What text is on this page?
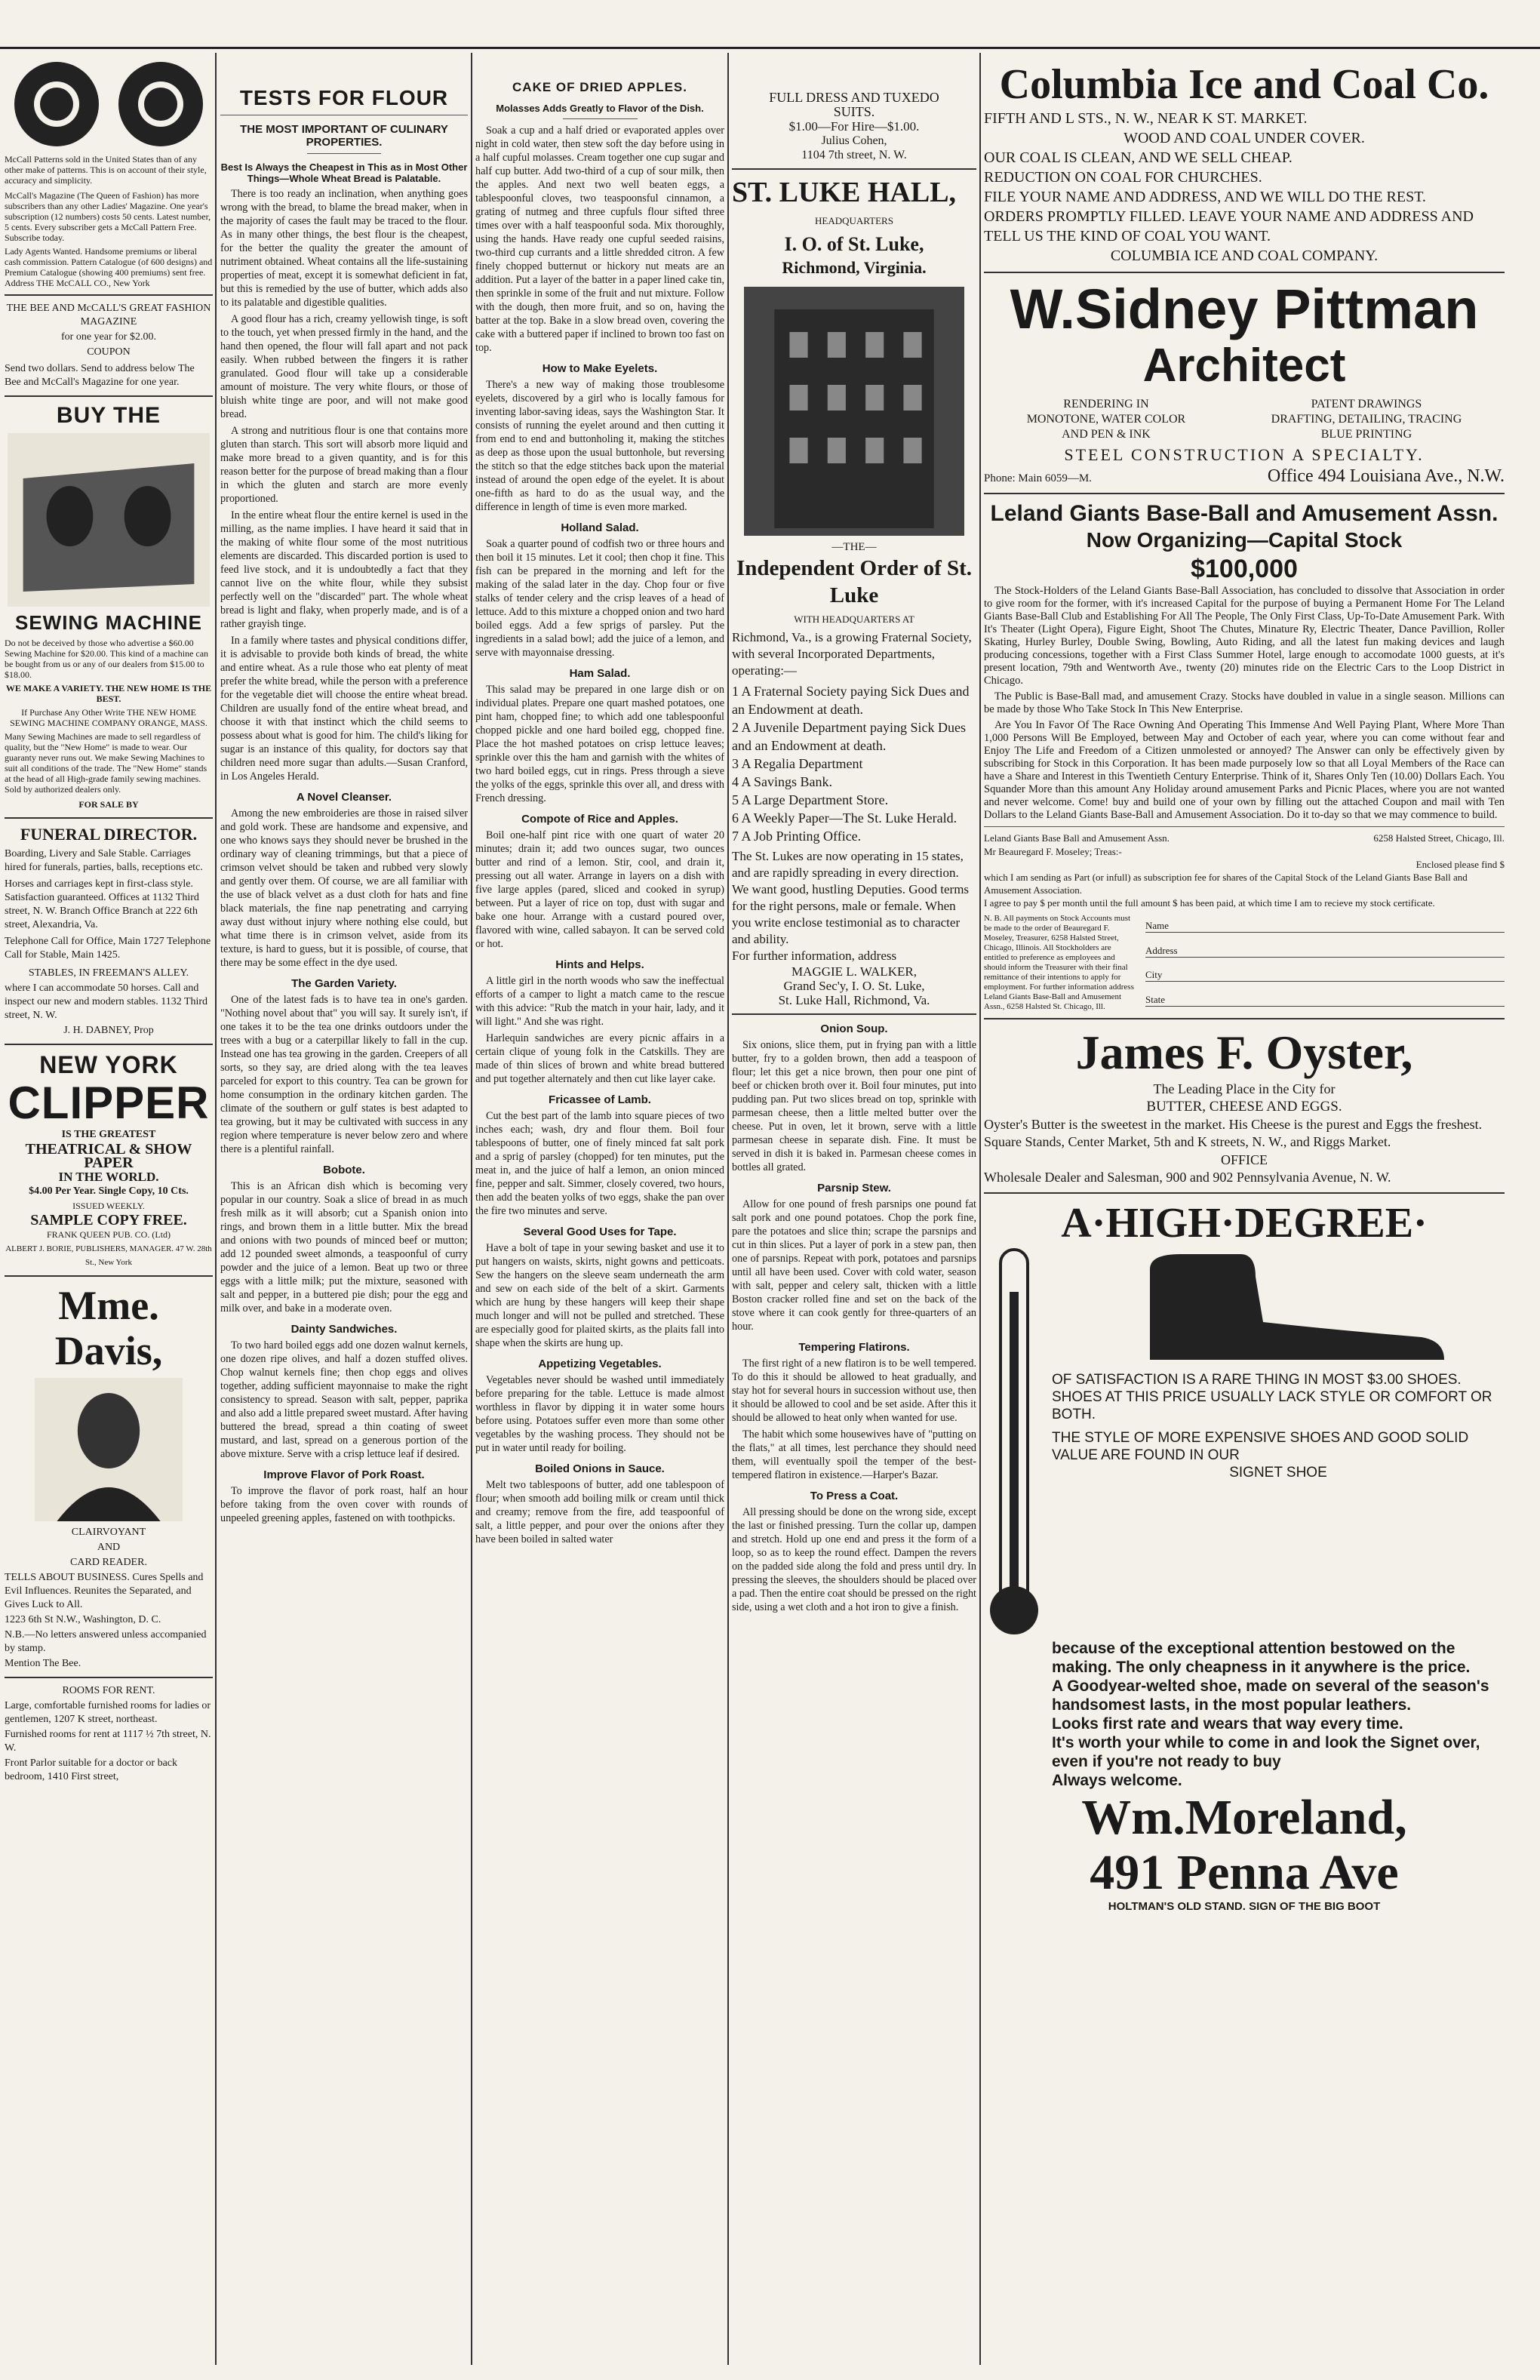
McCall Patterns sold in the United States than of any other make of patterns. This is on account of their style, accuracy and simplicity.

McCall's Magazine (The Queen of Fashion) has more subscribers than any other Ladies' Magazine. One year's subscription (12 numbers) costs 50 cents. Latest number, 5 cents. Every subscriber gets a McCall Pattern Free. Subscribe today.

Lady Agents Wanted. Handsome premiums or liberal cash commission. Pattern Catalogue (of 600 designs) and Premium Catalogue (showing 400 premiums) sent free. Address THE McCALL CO., New York

THE BEE AND McCALL'S GREAT FASHION MAGAZINE

for one year for $2.00.

COUPON

Send two dollars. Send to address below The Bee and McCall's Magazine for one year.

BUY THE
SEWING MACHINE

Do not be deceived by those who advertise a $60.00 Sewing Machine for $20.00. This kind of a machine can be bought from us or any of our dealers from $15.00 to $18.00.

WE MAKE A VARIETY. THE NEW HOME IS THE BEST.

If Purchase Any Other Write THE NEW HOME SEWING MACHINE COMPANY ORANGE, MASS.

Many Sewing Machines are made to sell regardless of quality, but the "New Home" is made to wear. Our guaranty never runs out. We make Sewing Machines to suit all conditions of the trade. The "New Home" stands at the head of all High-grade family sewing machines. Sold by authorized dealers only.

FOR SALE BY

FUNERAL DIRECTOR.

Boarding, Livery and Sale Stable. Carriages hired for funerals, parties, balls, receptions etc.

Horses and carriages kept in first-class style. Satisfaction guaranteed. Offices at 1132 Third street, N. W. Branch Office Branch at 222 6th street, Alexandria, Va.

Telephone Call for Office, Main 1727 Telephone Call for Stable, Main 1425.

STABLES, IN FREEMAN'S ALLEY.

where I can accommodate 50 horses. Call and inspect our new and modern stables. 1132 Third street, N. W.

J. H. DABNEY, Prop

NEW YORK
CLIPPER

IS THE GREATEST

THEATRICAL & SHOW PAPER

IN THE WORLD.

$4.00 Per Year. Single Copy, 10 Cts.

ISSUED WEEKLY.

SAMPLE COPY FREE.

FRANK QUEEN PUB. CO. (Ltd)

ALBERT J. BORIE, PUBLISHERS, MANAGER. 47 W. 28th St., New York

Mme. Davis,

CLAIRVOYANT

AND

CARD READER.

TELLS ABOUT BUSINESS. Cures Spells and Evil Influences. Reunites the Separated, and Gives Luck to All.

1223 6th St N.W., Washington, D. C.

N.B.—No letters answered unless accompanied by stamp.

Mention The Bee.

ROOMS FOR RENT.

Large, comfortable furnished rooms for ladies or gentlemen, 1207 K street, northeast.

Furnished rooms for rent at 1117 ½ 7th street, N. W.

Front Parlor suitable for a doctor or back bedroom, 1410 First street,

TESTS FOR FLOUR
THE MOST IMPORTANT OF CULINARY PROPERTIES.
Best Is Always the Cheapest in This as in Most Other Things—Whole Wheat Bread is Palatable.

There is too ready an inclination, when anything goes wrong with the bread, to blame the bread maker, when in the majority of cases the fault may be traced to the flour. As in many other things, the best flour is the cheapest, for the better the quality the greater the amount of nutriment obtained. Wheat contains all the life-sustaining properties of meat, except it is somewhat deficient in fat, but this is remedied by the use of butter, which adds also to its palatable and digestible qualities.

A good flour has a rich, creamy yellowish tinge, is soft to the touch, yet when pressed firmly in the hand, and the hand then opened, the flour will fall apart and not pack easily. When rubbed between the fingers it is rather granulated. Good flour will take up a considerable amount of moisture. The very white flours, or those of bluish white tinge are poor, and will not make good bread.

A strong and nutritious flour is one that contains more gluten than starch. This sort will absorb more liquid and make more bread to a given quantity, and is for this reason better for the purpose of bread making than a flour in which the gluten and starch are more evenly proportioned.

In the entire wheat flour the entire kernel is used in the milling, as the name implies. I have heard it said that in the making of white flour some of the most nutritious elements are discarded. This discarded portion is used to feed live stock, and it is undoubtedly a fact that they cannot live on the white flour, while they subsist perfectly well on the "discarded" part. The whole wheat bread is light and flaky, when properly made, and is of a rather grayish tinge.

In a family where tastes and physical conditions differ, it is advisable to provide both kinds of bread, the white and entire wheat. As a rule those who eat plenty of meat prefer the white bread, while the person with a preference for the vegetable diet will choose the entire wheat bread. Children are usually fond of the entire wheat bread, and choose it with that instinct which the child seems to possess about what is good for him. The child's liking for sugar is an instance of this quality, for doctors say that children need more sugar than adults.—Susan Cranford, in Los Angeles Herald.

A Novel Cleanser.

Among the new embroideries are those in raised silver and gold work. These are handsome and expensive, and one who knows says they should never be brushed in the ordinary way of cleaning trimmings, but that a piece of crimson velvet should be taken and rubbed very slowly and gently over them. Of course, we are all familiar with the use of black velvet as a dust cloth for hats and fine black materials, the fine nap penetrating and carrying away dust without injury where nothing else could, but what time there is in crimson velvet, aside from its texture, is hard to guess, but it is possible, of course, that there may be some effect in the dye used.

The Garden Variety.

One of the latest fads is to have tea in one's garden. "Nothing novel about that" you will say. It surely isn't, if one takes it to be the tea one drinks outdoors under the trees with a bug or a caterpillar likely to fall in the cup. Instead one has tea growing in the garden. Creepers of all sorts, so they say, are dried along with the tea leaves parceled for export to this country. Tea can be grown for home consumption in the ordinary kitchen garden. The climate of the southern or gulf states is best adapted to tea growing, but it may be cultivated with success in any region where temperature is never below zero and where there is a plentiful rainfall.

Bobote.

This is an African dish which is becoming very popular in our country. Soak a slice of bread in as much fresh milk as it will absorb; cut a Spanish onion into rings, and brown them in a little butter. Mix the bread and onions with two pounds of minced beef or mutton; add 12 pounded sweet almonds, a teaspoonful of curry powder and the juice of a lemon. Beat up two or three eggs with a little milk; put the mixture, seasoned with salt and pepper, in a buttered pie dish; pour the egg and milk over, and bake in a moderate oven.

Dainty Sandwiches.

To two hard boiled eggs add one dozen walnut kernels, one dozen ripe olives, and half a dozen stuffed olives. Chop walnut kernels fine; then chop eggs and olives together, adding sufficient mayonnaise to make the right consistency to spread. Season with salt, pepper, paprika and also add a little prepared sweet mustard. After having buttered the bread, spread a thin coating of sweet mustard, and last, spread on a generous portion of the above mixture. Serve with a crisp lettuce leaf if desired.

Improve Flavor of Pork Roast.

To improve the flavor of pork roast, half an hour before taking from the oven cover with rounds of unpeeled greening apples, fastened on with toothpicks.

CAKE OF DRIED APPLES.
Molasses Adds Greatly to Flavor of the Dish.

Soak a cup and a half dried or evaporated apples over night in cold water, then stew soft the day before using in a half cupful molasses. Cream together one cup sugar and half cup butter. Add two-third of a cup of sour milk, then the apples. And next two well beaten eggs, a tablespoonful cloves, two teaspoonsful cinnamon, a grating of nutmeg and three cupfuls flour sifted three times over with a half teaspoonful soda. Mix thoroughly, using the hands. Have ready one cupful seeded raisins, two-third cup currants and a little shredded citron. A few finely chopped butternut or hickory nut meats are an addition. Put a layer of the batter in a paper lined cake tin, then sprinkle in some of the fruit and nut mixture. Follow with the dough, then more fruit, and so on, having the batter at the top. Bake in a slow bread oven, covering the cake with a buttered paper if inclined to brown too fast on top.

How to Make Eyelets.

There's a new way of making those troublesome eyelets, discovered by a girl who is locally famous for inventing labor-saving ideas, says the Washington Star. It consists of running the eyelet around and then cutting it from end to end and buttonholing it, making the stitches as deep as those upon the usual buttonhole, but reversing the stitch so that the edge stitches back upon the material instead of around the open edge of the eyelet. It is about one-fifth as hard to do as the usual way, and the difference in length of time is even more marked.

Holland Salad.

Soak a quarter pound of codfish two or three hours and then boil it 15 minutes. Let it cool; then chop it fine. This fish can be prepared in the morning and left for the making of the salad later in the day. Chop four or five stalks of tender celery and the crisp leaves of a head of lettuce. Add to this mixture a chopped onion and two hard boiled eggs. Add a few sprigs of parsley. Put the ingredients in a salad bowl; add the juice of a lemon, and serve with mayonnaise dressing.

Ham Salad.

This salad may be prepared in one large dish or on individual plates. Prepare one quart mashed potatoes, one pint ham, chopped fine; to which add one tablespoonful chopped pickle and one hard boiled egg, chopped fine. Place the hot mashed potatoes on crisp lettuce leaves; sprinkle over this the ham and garnish with the whites of two hard boiled eggs, cut in rings. Press through a sieve the yolks of the eggs, sprinkle this over all, and dress with French dressing.

Compote of Rice and Apples.

Boil one-half pint rice with one quart of water 20 minutes; drain it; add two ounces sugar, two ounces butter and rind of a lemon. Stir, cool, and drain it, pressing out all water. Arrange in layers on a dish with five large apples (pared, sliced and cooked in syrup) between. Put a layer of rice on top, dust with sugar and bake one hour. Arrange with a custard poured over, flavored with wine, called sabayon. It can be served cold or hot.

Hints and Helps.

A little girl in the north woods who saw the ineffectual efforts of a camper to light a match came to the rescue with this advice: "Rub the match in your hair, lady, and it will light." And she was right.

Harlequin sandwiches are every picnic affairs in a certain clique of young folk in the Catskills. They are made of thin slices of brown and white bread buttered and put together alternately and then cut like layer cake.

Fricassee of Lamb.

Cut the best part of the lamb into square pieces of two inches each; wash, dry and flour them. Boil four tablespoons of butter, one of finely minced fat salt pork and a sprig of parsley (chopped) for ten minutes, put the meat in, and the juice of half a lemon, an onion minced fine, pepper and salt. Simmer, closely covered, two hours, then add the beaten yolks of two eggs, shake the pan over the fire two minutes and serve.

Several Good Uses for Tape.

Have a bolt of tape in your sewing basket and use it to put hangers on waists, skirts, night gowns and petticoats. Sew the hangers on the sleeve seam underneath the arm and sew on each side of the belt of a skirt. Garments which are hung by these hangers will keep their shape much longer and will not be pulled and stretched. These are especially good for plaited skirts, as the plaits fall into shape when the skirts are hung up.

Appetizing Vegetables.

Vegetables never should be washed until immediately before preparing for the table. Lettuce is made almost worthless in flavor by dipping it in water some hours before using. Potatoes suffer even more than some other vegetables by the washing process. They should not be put in water until ready for boiling.

Boiled Onions in Sauce.

Melt two tablespoons of butter, add one tablespoon of flour; when smooth add boiling milk or cream until thick and creamy; remove from the fire, add teaspoonful of salt, a little pepper, and pour over the onions after they have been boiled in salted water

FULL DRESS AND TUXEDO

SUITS.

$1.00—For Hire—$1.00.

Julius Cohen,

1104 7th street, N. W.

ST. LUKE HALL,

HEADQUARTERS

I. O. of St. Luke,
Richmond, Virginia.

—THE—

Independent Order of St. Luke

WITH HEADQUARTERS AT

Richmond, Va., is a growing Fraternal Society, with several Incorporated Departments, operating:—

1 A Fraternal Society paying Sick Dues and an Endowment at death.
2 A Juvenile Department paying Sick Dues and an Endowment at death.
3 A Regalia Department
4 A Savings Bank.
5 A Large Department Store.
6 A Weekly Paper—The St. Luke Herald.
7 A Job Printing Office.

The St. Lukes are now operating in 15 states, and are rapidly spreading in every direction.

We want good, hustling Deputies. Good terms for the right persons, male or female. When you write enclose testimonial as to character and ability.

For further information, address

MAGGIE L. WALKER,

Grand Sec'y, I. O. St. Luke,

St. Luke Hall, Richmond, Va.

Onion Soup.

Six onions, slice them, put in frying pan with a little butter, fry to a golden brown, then add a teaspoon of flour; let this get a nice brown, then pour one pint of beef or chicken broth over it. Boil four minutes, put into pudding pan. Put two slices bread on top, sprinkle with parmesan cheese, then a little melted butter over the cheese. Put in oven, let it brown, serve with a little parmesan cheese in separate dish. Fine. It must be served in dish it is baked in. Parmesan cheese comes in bottles all grated.

Parsnip Stew.

Allow for one pound of fresh parsnips one pound fat salt pork and one pound potatoes. Chop the pork fine, pare the potatoes and slice thin; scrape the parsnips and cut in thin slices. Put a layer of pork in a stew pan, then one of parsnips. Repeat with pork, potatoes and parsnips until all have been used. Cover with cold water, season with salt, pepper and celery salt, thicken with a little Boston cracker rolled fine and set on the back of the stove where it can cook gently for three-quarters of an hour.

Tempering Flatirons.

The first right of a new flatiron is to be well tempered. To do this it should be allowed to heat gradually, and stay hot for several hours in succession without use, then it should be allowed to cool and be set aside. After this it should be allowed to heat only when wanted for use.

The habit which some housewives have of "putting on the flats," at all times, lest perchance they should need them, will eventually spoil the temper of the best-tempered flatiron in existence.—Harper's Bazar.

To Press a Coat.

All pressing should be done on the wrong side, except the last or finished pressing. Turn the collar up, dampen and stretch. Hold up one end and press it the form of a loop, so as to keep the round effect. Dampen the revers on the padded side along the fold and press until dry. In pressing the sleeves, the shoulders should be placed over a pad. Then the entire coat should be pressed on the right side, using a wet cloth and a hot iron to give a finish.

Columbia Ice and Coal Co.

FIFTH AND L STS., N. W., NEAR K ST. MARKET.

WOOD AND COAL UNDER COVER.

OUR COAL IS CLEAN, AND WE SELL CHEAP.

REDUCTION ON COAL FOR CHURCHES.

FILE YOUR NAME AND ADDRESS, AND WE WILL DO THE REST.

ORDERS PROMPTLY FILLED. LEAVE YOUR NAME AND ADDRESS AND TELL US THE KIND OF COAL YOU WANT.

COLUMBIA ICE AND COAL COMPANY.

W.Sidney Pittman
Architect
RENDERING IN
MONOTONE, WATER COLOR
AND PEN & INK
PATENT DRAWINGS
DRAFTING, DETAILING, TRACING
BLUE PRINTING
STEEL CONSTRUCTION A SPECIALTY.
Phone: Main 6059—M.	Office 494 Louisiana Ave., N.W.
Leland Giants Base-Ball and Amusement Assn.
Now Organizing—Capital Stock
$100,000

The Stock-Holders of the Leland Giants Base-Ball Association, has concluded to dissolve that Association in order to give room for the former, with it's increased Capital for the purpose of buying a Permanent Home For The Leland Giants Base-Ball Club and Establishing For All The People, The Only First Class, Up-To-Date Amusement Park. With It's Theater (Light Opera), Figure Eight, Shoot The Chutes, Minature Ry, Electric Theater, Dance Pavillion, Roller Skating, Hurley Burley, Double Swing, Bowling, Auto Riding, and all the latest fun making devices and laugh producing concessions, together with a First Class Summer Hotel, large enough to accomodate 1000 guests, at it's present location, 79th and Wentworth Ave., twenty (20) minutes ride on the Electric Cars to the Loop District in Chicago.

The Public is Base-Ball mad, and amusement Crazy. Stocks have doubled in value in a single season. Millions can be made by those Who Take Stock In This New Enterprise.

Are You In Favor Of The Race Owning And Operating This Immense And Well Paying Plant, Where More Than 1,000 Persons Will Be Employed, between May and October of each year, where you can come without fear and Enjoy The Life and Freedom of a Citizen unmolested or annoyed? The Answer can only be effectively given by subscribing for Stock in this Corporation. It has been made purposely low so that all Loyal Members of the Race can have a Share and Interest in this Twentieth Century Enterprise. Think of it, Shares Only Ten (10.00) Dollars Each. You Squander More than this amount Any Holiday around amusement Parks and Picnic Places, where you are not wanted and never welcome. Come! buy and build one of your own by filling out the attached Coupon and mail with Ten Dollars to the Leland Giants Base-Ball and Amusement Association. Do it to-day so that we may commence to build.

Leland Giants Base Ball and Amusement Assn.	6258 Halsted Street, Chicago, Ill.
Mr Beauregard F. Moseley; Treas:-
Enclosed please find $
which I am sending as Part (or infull) as subscription fee for shares of the Capital Stock of the Leland Giants Base Ball and Amusement Association.
I agree to pay $ per month until the full amount $ has been paid, at which time I am to recieve my stock certificate.
N. B. All payments on Stock Accounts must be made to the order of Beauregard F. Moseley, Treasurer, 6258 Halsted Street, Chicago, Illinois. All Stockholders are entitled to preference as employees and should inform the Treasurer with their final remittance of their intentions to apply for employment. For further information address Leland Giants Base-Ball and Amusement Assn., 6258 Halsted St. Chicago, Ill.
Name
Address
City
State
James F. Oyster,
The Leading Place in the City for
BUTTER, CHEESE AND EGGS.
Oyster's Butter is the sweetest in the market. His Cheese is the purest and Eggs the freshest.
Square Stands, Center Market, 5th and K streets, N. W., and Riggs Market.
OFFICE
Wholesale Dealer and Salesman, 900 and 902 Pennsylvania Avenue, N. W.
A·HIGH·DEGREE·
OF SATISFACTION IS A RARE THING IN MOST $3.00 SHOES. SHOES AT THIS PRICE USUALLY LACK STYLE OR COMFORT OR BOTH.
THE STYLE OF MORE EXPENSIVE SHOES AND GOOD SOLID VALUE ARE FOUND IN OUR
SIGNET SHOE
because of the exceptional attention bestowed on the making. The only cheapness in it anywhere is the price.
A Goodyear-welted shoe, made on several of the season's handsomest lasts, in the most popular leathers.
Looks first rate and wears that way every time.
It's worth your while to come in and look the Signet over, even if you're not ready to buy
Always welcome.
Wm.Moreland,
491 Penna Ave
HOLTMAN'S OLD STAND. SIGN OF THE BIG BOOT
